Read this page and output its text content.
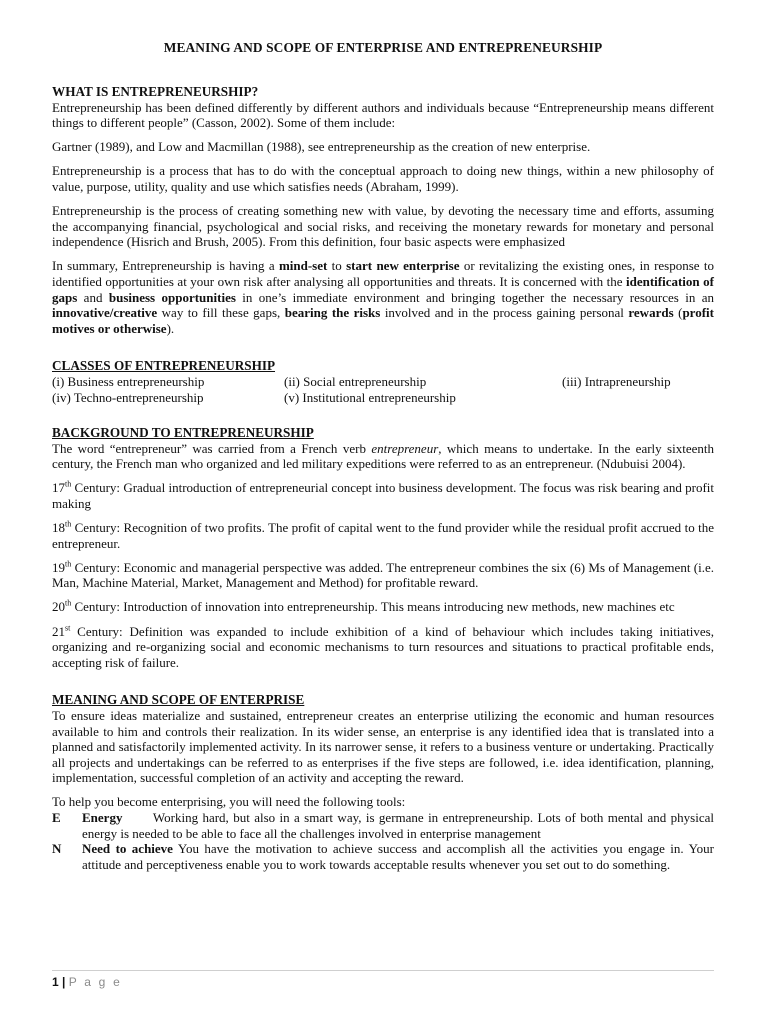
MEANING AND SCOPE OF ENTERPRISE AND ENTREPRENEURSHIP
WHAT IS ENTREPRENEURSHIP?

Entrepreneurship has been defined differently by different authors and individuals because “Entrepreneurship means different things to different people” (Casson, 2002). Some of them include:

Gartner (1989), and Low and Macmillan (1988), see entrepreneurship as the creation of new enterprise.

Entrepreneurship is a process that has to do with the conceptual approach to doing new things, within a new philosophy of value, purpose, utility, quality and use which satisfies needs (Abraham, 1999).

Entrepreneurship is the process of creating something new with value, by devoting the necessary time and efforts, assuming the accompanying financial, psychological and social risks, and receiving the monetary rewards for monetary and personal independence (Hisrich and Brush, 2005). From this definition, four basic aspects were emphasized

In summary, Entrepreneurship is having a mind-set to start new enterprise or revitalizing the existing ones, in response to identified opportunities at your own risk after analysing all opportunities and threats. It is concerned with the identification of gaps and business opportunities in one’s immediate environment and bringing together the necessary resources in an innovative/creative way to fill these gaps, bearing the risks involved and in the process gaining personal rewards (profit motives or otherwise).

CLASSES OF ENTREPRENEURSHIP
(i) Business entrepreneurship	(ii) Social entrepreneurship	(iii) Intrapreneurship
(iv) Techno-entrepreneurship	(v) Institutional entrepreneurship
BACKGROUND TO ENTREPRENEURSHIP

The word “entrepreneur” was carried from a French verb entrepreneur, which means to undertake. In the early sixteenth century, the French man who organized and led military expeditions were referred to as an entrepreneur. (Ndubuisi 2004).

17th Century: Gradual introduction of entrepreneurial concept into business development. The focus was risk bearing and profit making

18th Century: Recognition of two profits. The profit of capital went to the fund provider while the residual profit accrued to the entrepreneur.

19th Century: Economic and managerial perspective was added. The entrepreneur combines the six (6) Ms of Management (i.e. Man, Machine Material, Market, Management and Method) for profitable reward.

20th Century: Introduction of innovation into entrepreneurship. This means introducing new methods, new machines etc

21st Century: Definition was expanded to include exhibition of a kind of behaviour which includes taking initiatives, organizing and re-organizing social and economic mechanisms to turn resources and situations to practical profitable ends, accepting risk of failure.

MEANING AND SCOPE OF ENTERPRISE

To ensure ideas materialize and sustained, entrepreneur creates an enterprise utilizing the economic and human resources available to him and controls their realization. In its wider sense, an enterprise is any identified idea that is translated into a planned and satisfactorily implemented activity. In its narrower sense, it refers to a business venture or undertaking. Practically all projects and undertakings can be referred to as enterprises if the five steps are followed, i.e. idea identification, planning, implementation, successful completion of an activity and accepting the reward.

To help you become enterprising, you will need the following tools:

E	Energy       Working hard, but also in a smart way, is germane in entrepreneurship. Lots of both mental and physical energy is needed to be able to face all the challenges involved in enterprise management
N	Need to achieve You have the motivation to achieve success and accomplish all the activities you engage in. Your attitude and perceptiveness enable you to work towards acceptable results whenever you set out to do something.
1 | P a g e
